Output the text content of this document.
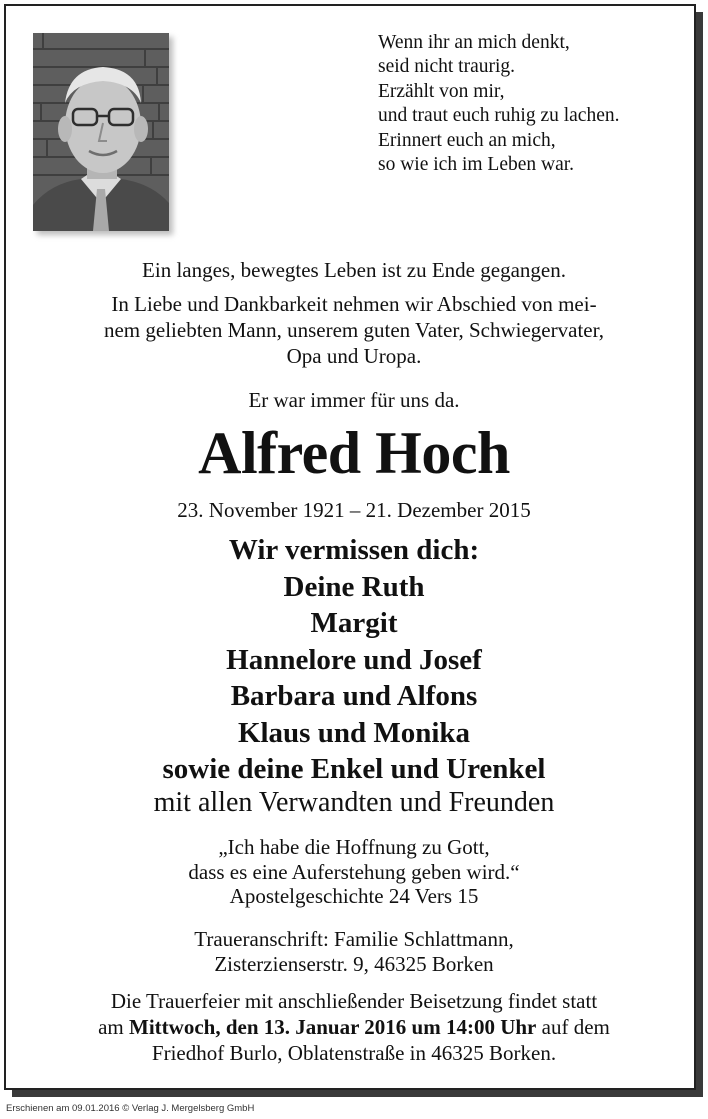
Wenn ihr an mich denkt,
seid nicht traurig.
Erzählt von mir,
und traut euch ruhig zu lachen.
Erinnert euch an mich,
so wie ich im Leben war.
Ein langes, bewegtes Leben ist zu Ende gegangen.
In Liebe und Dankbarkeit nehmen wir Abschied von mei-
nem geliebten Mann, unserem guten Vater, Schwiegervater,
Opa und Uropa.
Er war immer für uns da.
Alfred Hoch
23. November 1921 – 21. Dezember 2015
Wir vermissen dich:
Deine Ruth
Margit
Hannelore und Josef
Barbara und Alfons
Klaus und Monika
sowie deine Enkel und Urenkel
mit allen Verwandten und Freunden
„Ich habe die Hoffnung zu Gott,
dass es eine Auferstehung geben wird.“
Apostelgeschichte 24 Vers 15
Traueranschrift: Familie Schlattmann,
Zisterzienserstr. 9, 46325 Borken
Die Trauerfeier mit anschließender Beisetzung findet statt
am Mittwoch, den 13. Januar 2016 um 14:00 Uhr auf dem
Friedhof Burlo, Oblatenstraße in 46325 Borken.
Erschienen am 09.01.2016 © Verlag J. Mergelsberg GmbH
